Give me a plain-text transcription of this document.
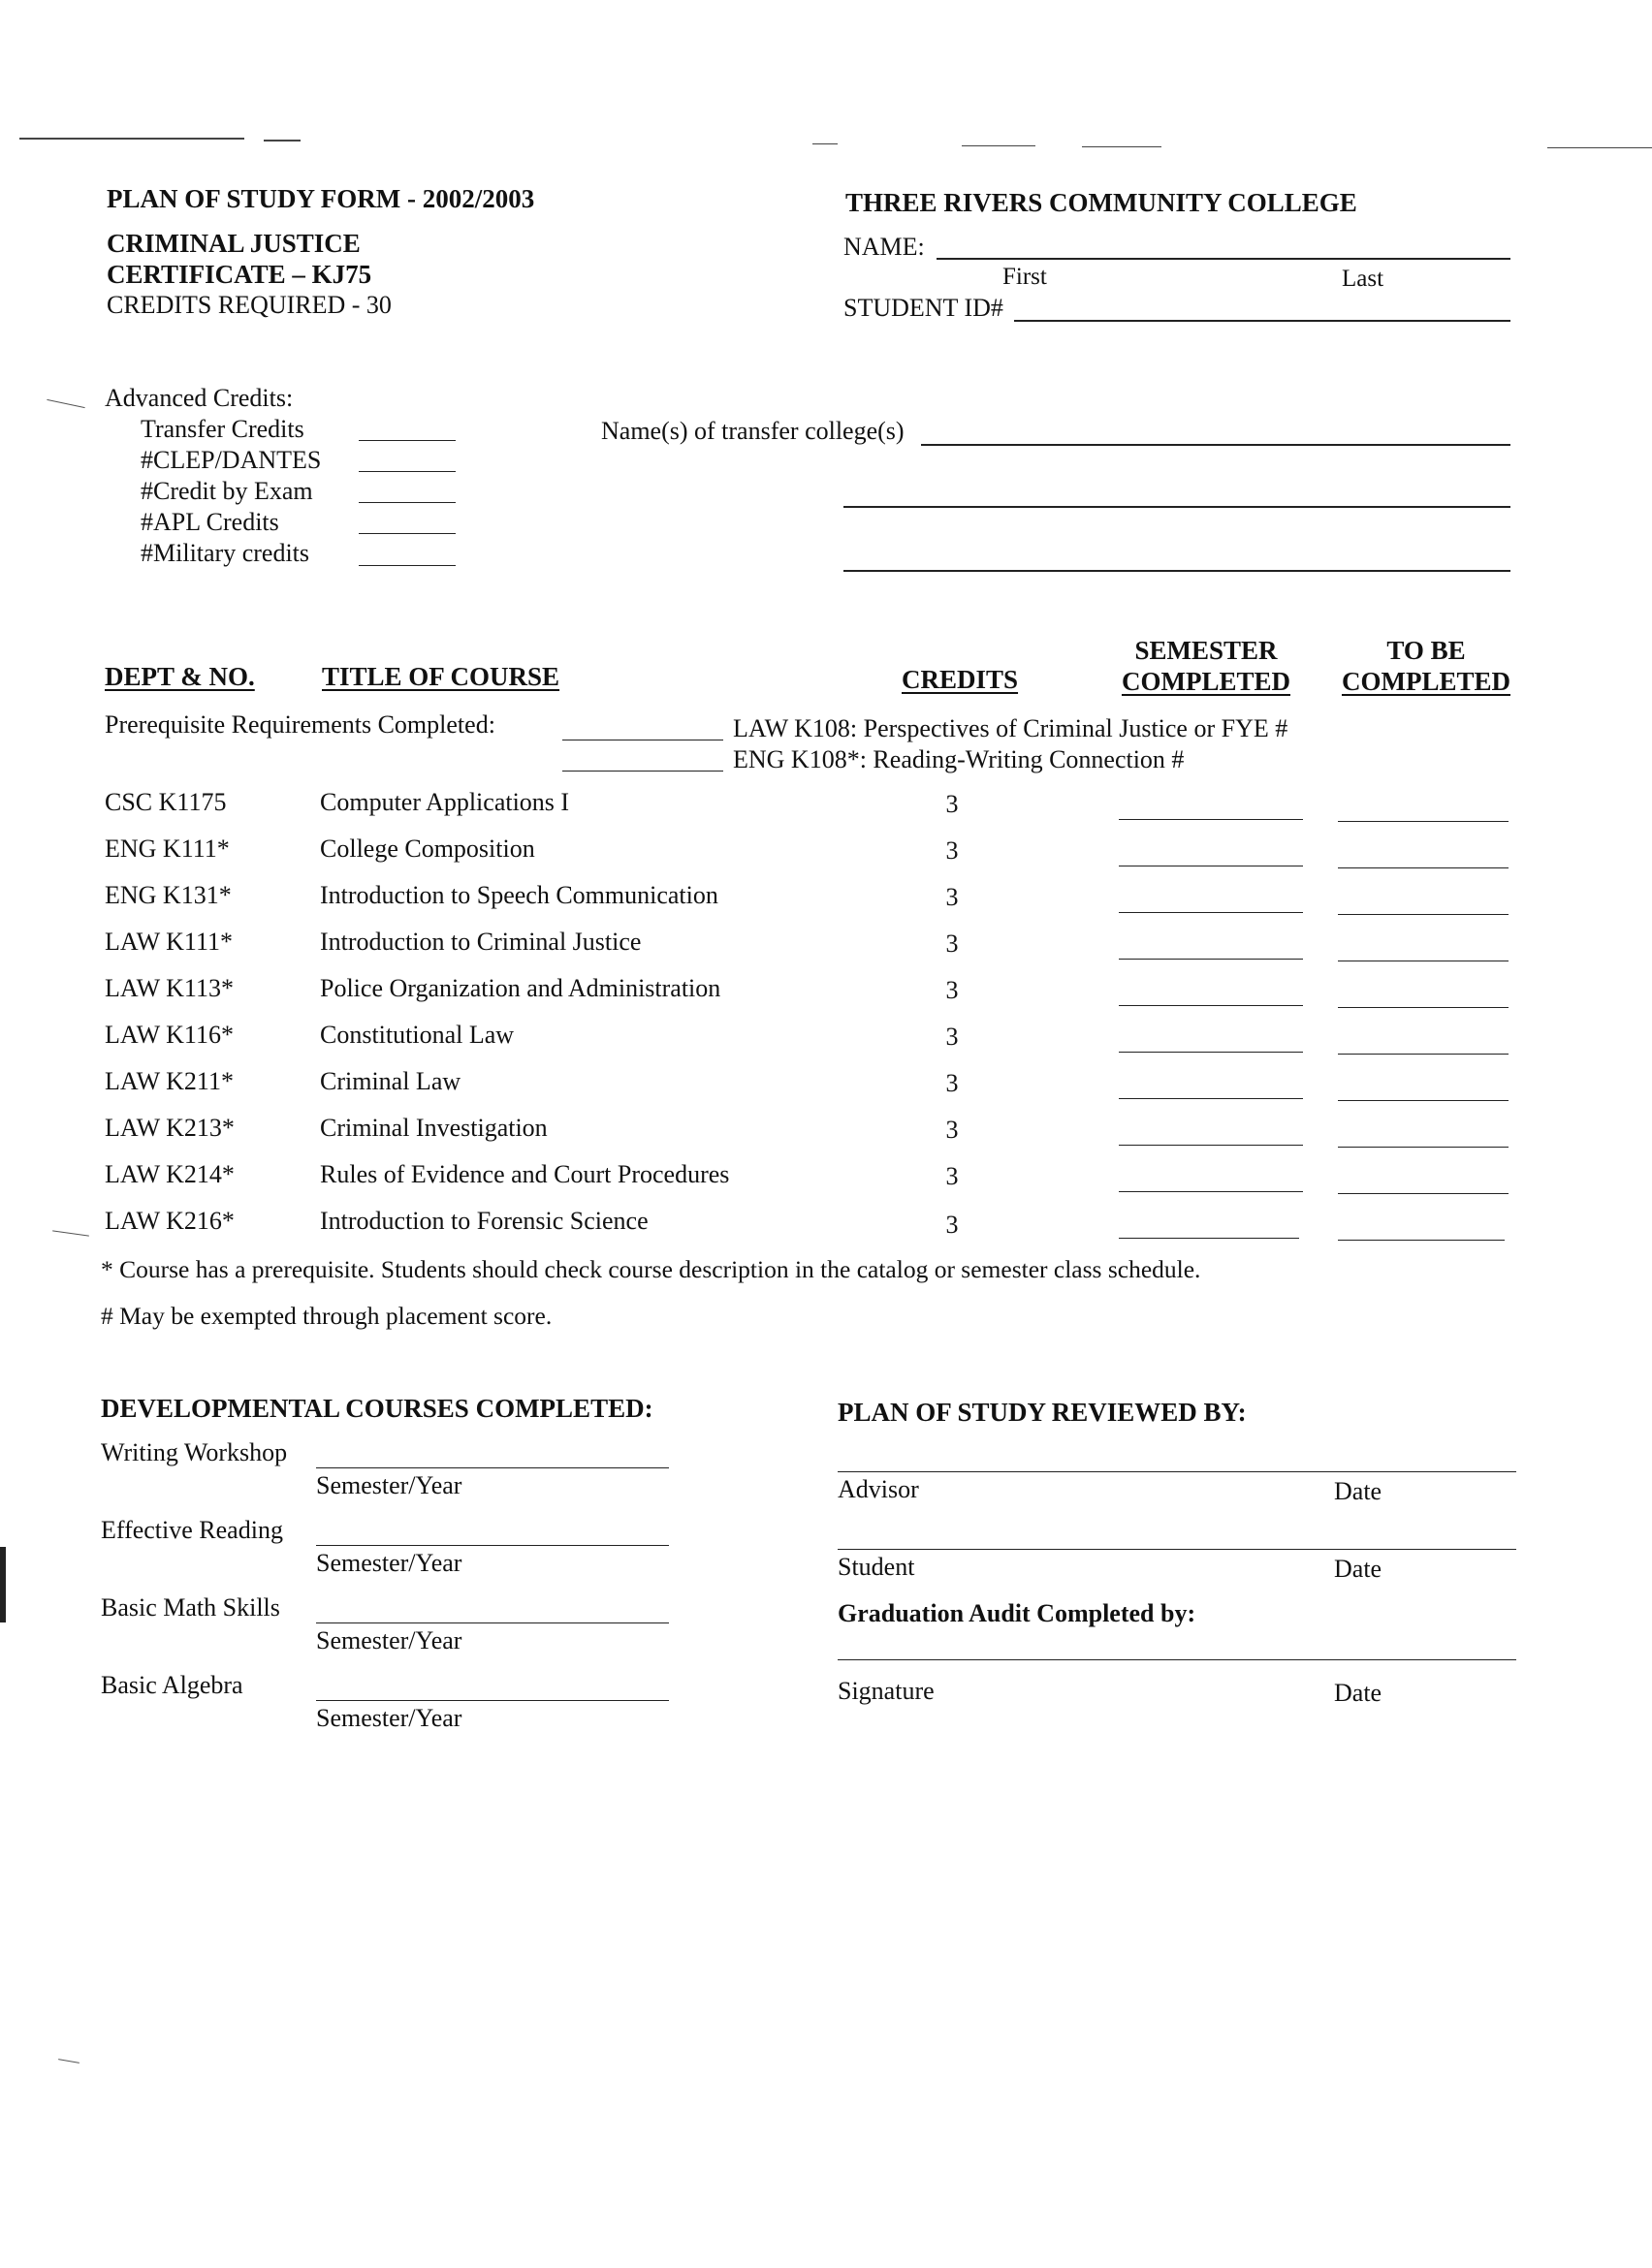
PLAN OF STUDY FORM - 2002/2003	THREE RIVERS COMMUNITY COLLEGE
CRIMINAL JUSTICE
CERTIFICATE – KJ75
CREDITS REQUIRED - 30
NAME:
First	Last
STUDENT ID#
Advanced Credits:
Transfer Credits
#CLEP/DANTES
#Credit by Exam
#APL Credits
#Military credits
Name(s) of transfer college(s)
DEPT & NO.	TITLE OF COURSE	CREDITS
SEMESTER
COMPLETED
TO BE
COMPLETED
Prerequisite Requirements Completed:	LAW K108: Perspectives of Criminal Justice or FYE #
ENG K108*: Reading-Writing Connection #
CSC K1175	Computer Applications I	3
ENG K111*	College Composition	3
ENG K131*	Introduction to Speech Communication	3
LAW K111*	Introduction to Criminal Justice	3
LAW K113*	Police Organization and Administration	3
LAW K116*	Constitutional Law	3
LAW K211*	Criminal Law	3
LAW K213*	Criminal Investigation	3
LAW K214*	Rules of Evidence and Court Procedures	3
LAW K216*	Introduction to Forensic Science	3
* Course has a prerequisite. Students should check course description in the catalog or semester class schedule.
# May be exempted through placement score.
DEVELOPMENTAL COURSES COMPLETED:
Writing Workshop
Semester/Year
Effective Reading
Semester/Year
Basic Math Skills
Semester/Year
Basic Algebra
Semester/Year
PLAN OF STUDY REVIEWED BY:
Advisor	Date
Student	Date
Graduation Audit Completed by:
Signature	Date
